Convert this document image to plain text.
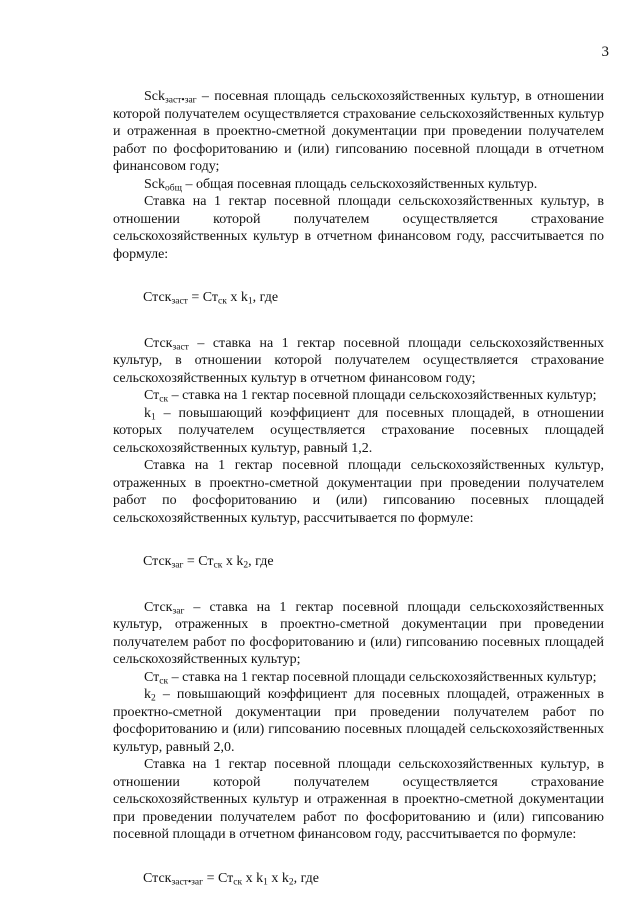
3

Sck$_{заст•заг}$ – посевная площадь сельскохозяйственных культур, в отношении которой получателем осуществляется страхование сельскохозяйственных культур и отраженная в проектно-сметной документации при проведении получателем работ по фосфоритованию и (или) гипсованию посевной площади в отчетном финансовом году;

Sck$_{общ}$ – общая посевная площадь сельскохозяйственных культур.

Ставка на 1 гектар посевной площади сельскохозяйственных культур, в отношении которой получателем осуществляется страхование сельскохозяйственных культур в отчетном финансовом году, рассчитывается по формуле:

Стск$_{заст}$ = $Ст_{ск}$ x $k_1$, где

Стск$_{заст}$ – ставка на 1 гектар посевной площади сельскохозяйственных культур, в отношении которой получателем осуществляется страхование сельскохозяйственных культур в отчетном финансовом году;

$Ст_{ск}$ – ставка на 1 гектар посевной площади сельскохозяйственных культур;

$k_1$ – повышающий коэффициент для посевных площадей, в отношении которых получателем осуществляется страхование посевных площадей сельскохозяйственных культур, равный 1,2.

Ставка на 1 гектар посевной площади сельскохозяйственных культур, отраженных в проектно-сметной документации при проведении получателем работ по фосфоритованию и (или) гипсованию посевных площадей сельскохозяйственных культур, рассчитывается по формуле:

Стск$_{заг}$ = $Ст_{ск}$ x $k_2$, где

Стск$_{заг}$ – ставка на 1 гектар посевной площади сельскохозяйственных культур, отраженных в проектно-сметной документации при проведении получателем работ по фосфоритованию и (или) гипсованию посевных площадей сельскохозяйственных культур;

$Ст_{ск}$ – ставка на 1 гектар посевной площади сельскохозяйственных культур;

$k_2$ – повышающий коэффициент для посевных площадей, отраженных в проектно-сметной документации при проведении получателем работ по фосфоритованию и (или) гипсованию посевных площадей сельскохозяйственных культур, равный 2,0.

Ставка на 1 гектар посевной площади сельскохозяйственных культур, в отношении которой получателем осуществляется страхование сельскохозяйственных культур и отраженная в проектно-сметной документации при проведении получателем работ по фосфоритованию и (или) гипсованию посевной площади в отчетном финансовом году, рассчитывается по формуле:

Стск$_{заст•заг}$ = $Ст_{ск}$ x $k_1$ x $k_2$, где
